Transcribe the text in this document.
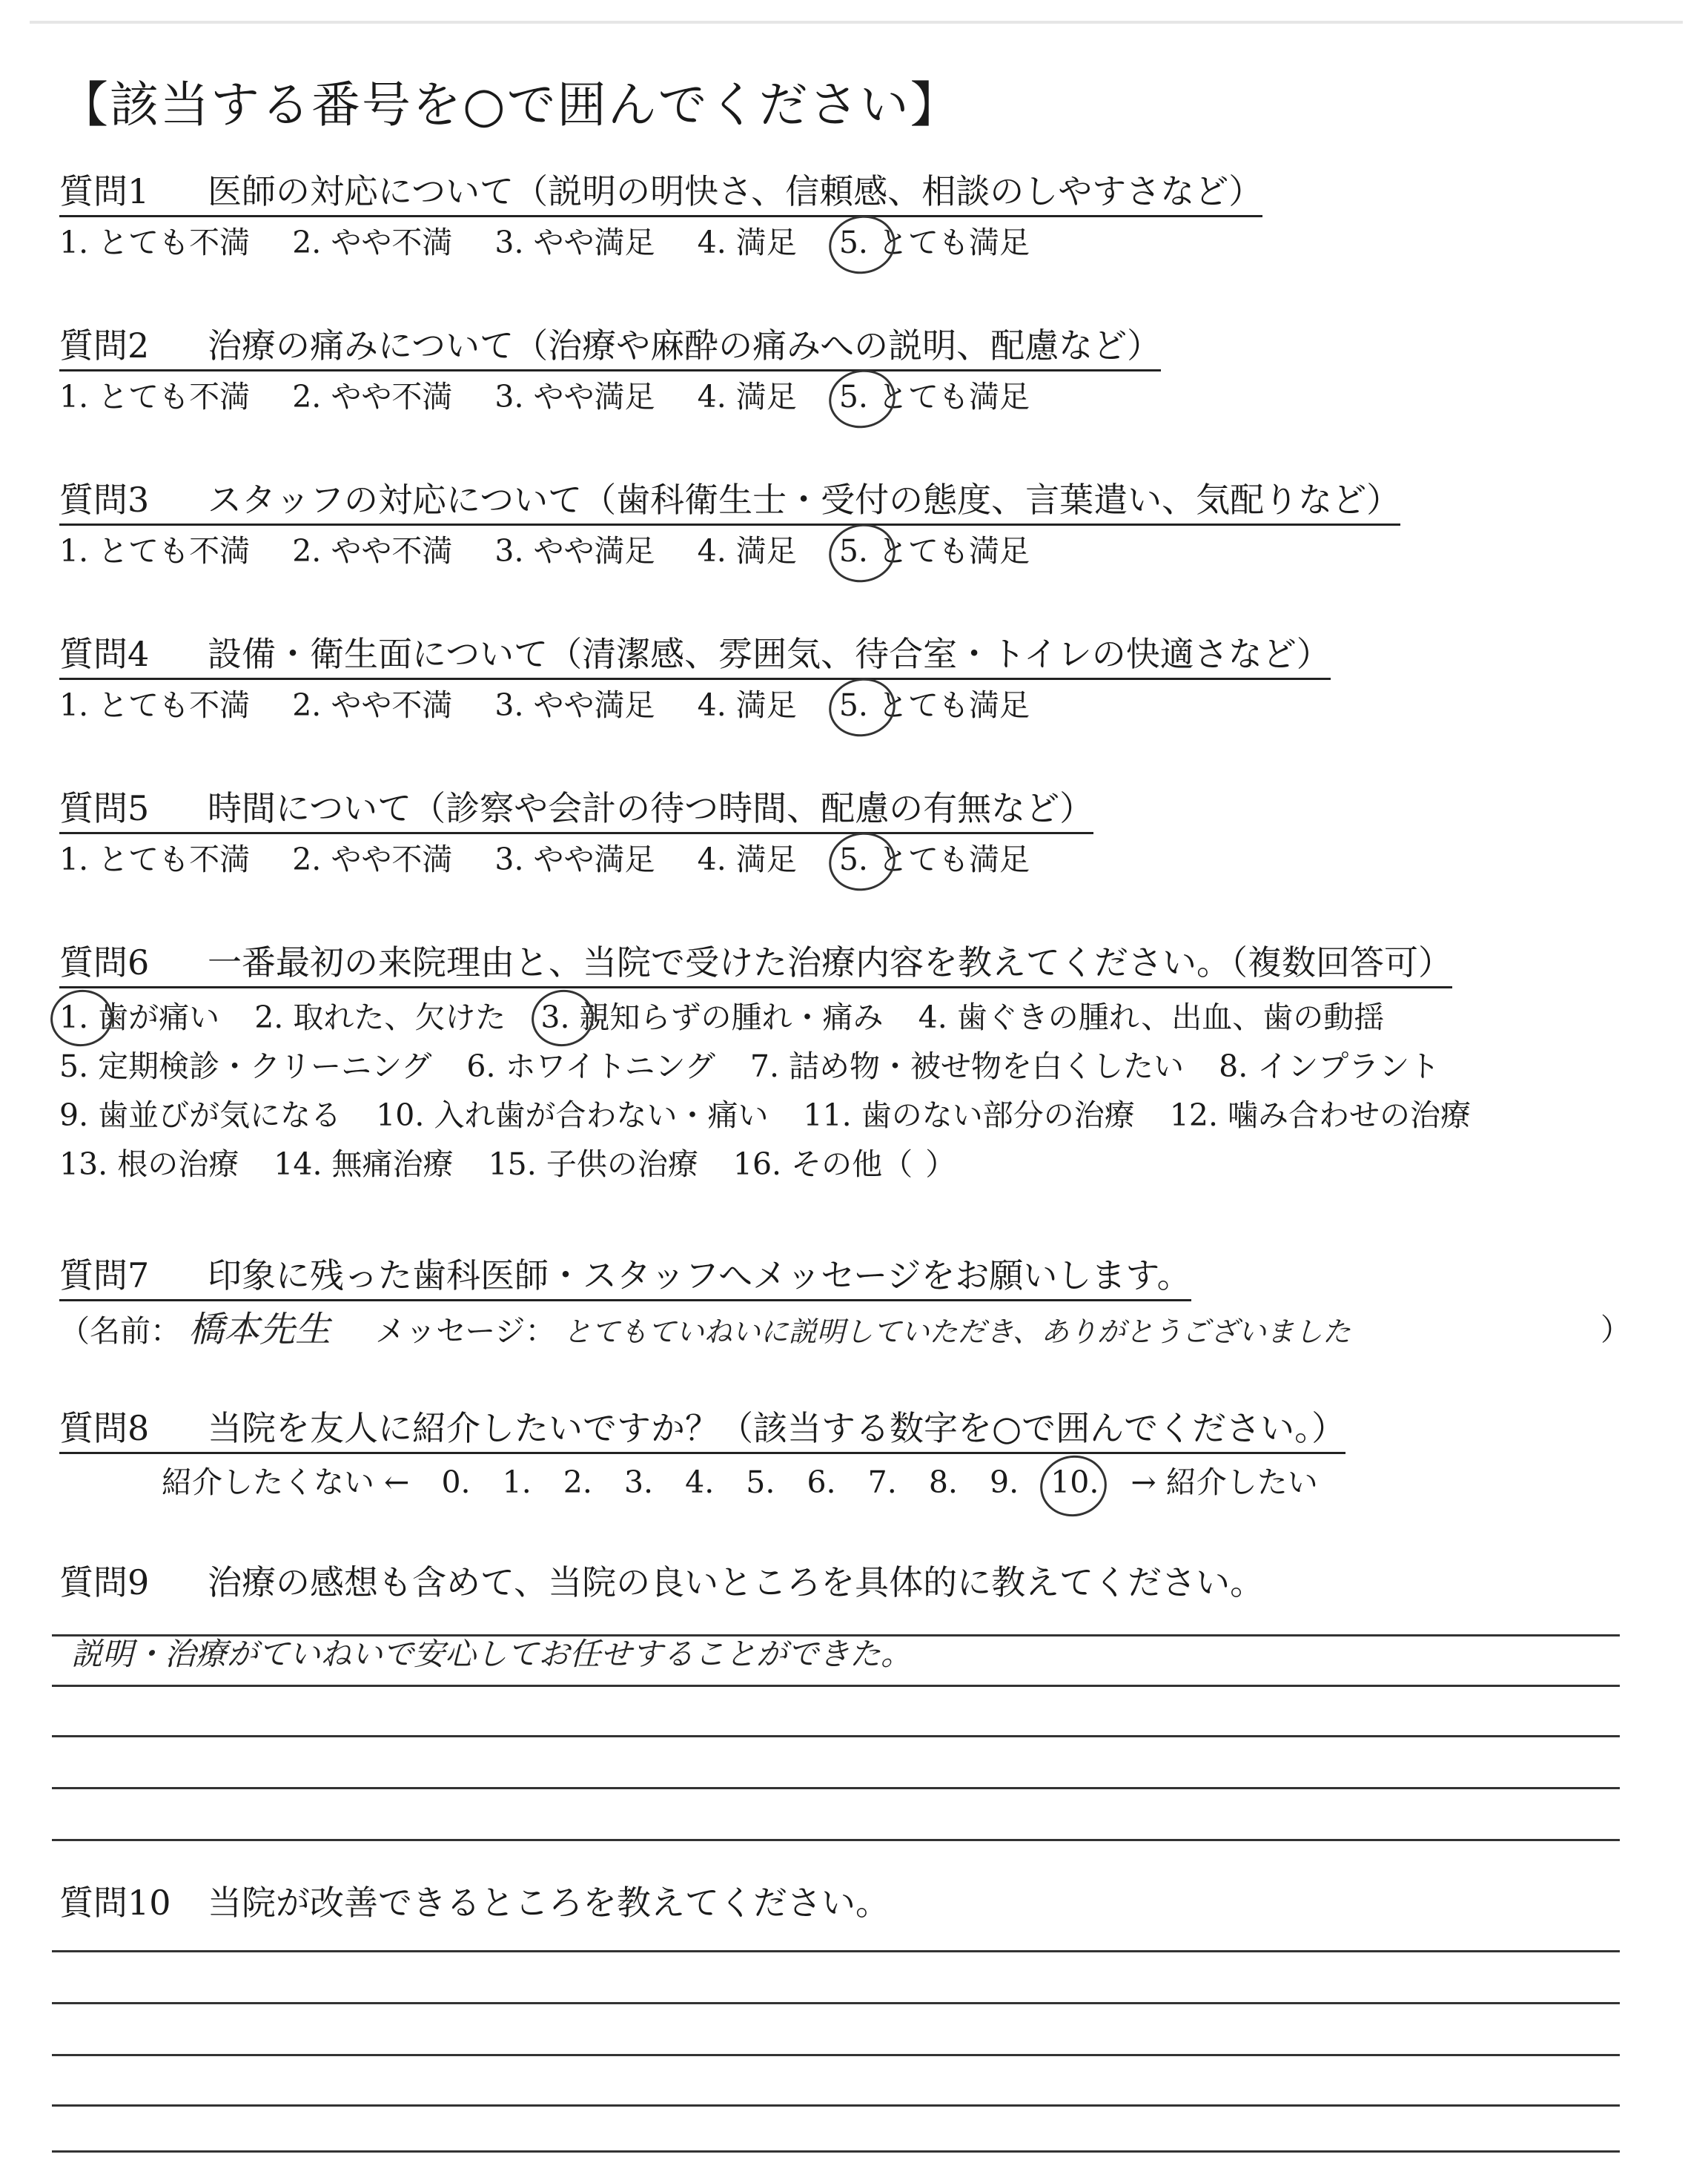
【該当する番号を○で囲んでください】
質問1 医師の対応について（説明の明快さ、信頼感、相談のしやすさなど）
1. とても不満 2. やや不満 3. やや満足 4. 満足 5. とても満足
質問2 治療の痛みについて（治療や麻酔の痛みへの説明、配慮など）
1. とても不満 2. やや不満 3. やや満足 4. 満足 5. とても満足
質問3 スタッフの対応について（歯科衛生士・受付の態度、言葉遣い、気配りなど）
1. とても不満 2. やや不満 3. やや満足 4. 満足 5. とても満足
質問4 設備・衛生面について（清潔感、雰囲気、待合室・トイレの快適さなど）
1. とても不満 2. やや不満 3. やや満足 4. 満足 5. とても満足
質問5 時間について（診察や会計の待つ時間、配慮の有無など）
1. とても不満 2. やや不満 3. やや満足 4. 満足 5. とても満足
質問6 一番最初の来院理由と、当院で受けた治療内容を教えてください。（複数回答可）
1. 歯が痛い 2. 取れた、欠けた 3. 親知らずの腫れ・痛み 4. 歯ぐきの腫れ、出血、歯の動揺
5. 定期検診・クリーニング 6. ホワイトニング 7. 詰め物・被せ物を白くしたい 8. インプラント
9. 歯並びが気になる 10. 入れ歯が合わない・痛い 11. 歯のない部分の治療 12. 噛み合わせの治療
13. 根の治療 14. 無痛治療 15. 子供の治療 16. その他（ ）
質問7 印象に残った歯科医師・スタッフへメッセージをお願いします。
（名前： 橋本先生 メッセージ： とてもていねいに説明していただき、ありがとうございました	）
質問8 当院を友人に紹介したいですか？（該当する数字を○で囲んでください。）
紹介したくない ← 0. 1. 2. 3. 4. 5. 6. 7. 8. 9. 10. → 紹介したい
質問9 治療の感想も含めて、当院の良いところを具体的に教えてください。
説明・治療がていねいで安心してお任せすることができた。
質問10 当院が改善できるところを教えてください。
